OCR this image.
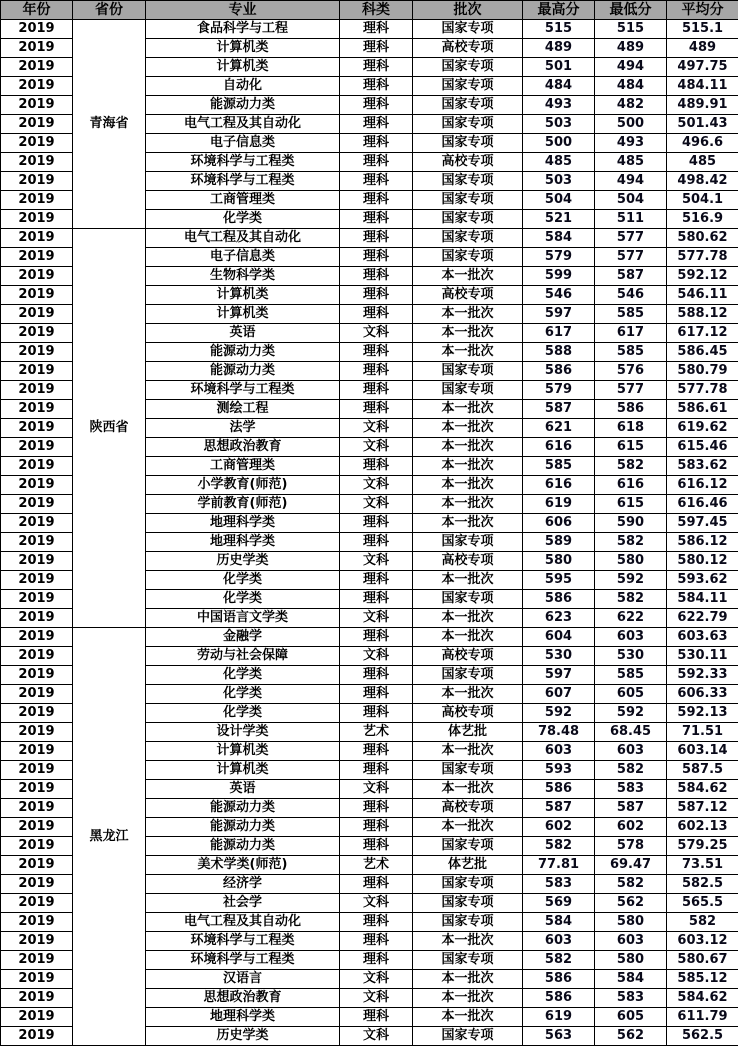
年份	省份	专业	科类	批次	最高分	最低分	平均分
2019	青海省	食品科学与工程	理科	国家专项	515	515	515.1
2019		计算机类	理科	高校专项	489	489	489
2019		计算机类	理科	国家专项	501	494	497.75
2019		自动化	理科	国家专项	484	484	484.11
2019		能源动力类	理科	国家专项	493	482	489.91
2019		电气工程及其自动化	理科	国家专项	503	500	501.43
2019		电子信息类	理科	国家专项	500	493	496.6
2019		环境科学与工程类	理科	高校专项	485	485	485
2019		环境科学与工程类	理科	国家专项	503	494	498.42
2019		工商管理类	理科	国家专项	504	504	504.1
2019		化学类	理科	国家专项	521	511	516.9
2019	陕西省	电气工程及其自动化	理科	国家专项	584	577	580.62
2019		电子信息类	理科	国家专项	579	577	577.78
2019		生物科学类	理科	本一批次	599	587	592.12
2019		计算机类	理科	高校专项	546	546	546.11
2019		计算机类	理科	本一批次	597	585	588.12
2019		英语	文科	本一批次	617	617	617.12
2019		能源动力类	理科	本一批次	588	585	586.45
2019		能源动力类	理科	国家专项	586	576	580.79
2019		环境科学与工程类	理科	国家专项	579	577	577.78
2019		测绘工程	理科	本一批次	587	586	586.61
2019		法学	文科	本一批次	621	618	619.62
2019		思想政治教育	文科	本一批次	616	615	615.46
2019		工商管理类	理科	本一批次	585	582	583.62
2019		小学教育(师范)	文科	本一批次	616	616	616.12
2019		学前教育(师范)	文科	本一批次	619	615	616.46
2019		地理科学类	理科	本一批次	606	590	597.45
2019		地理科学类	理科	国家专项	589	582	586.12
2019		历史学类	文科	高校专项	580	580	580.12
2019		化学类	理科	本一批次	595	592	593.62
2019		化学类	理科	国家专项	586	582	584.11
2019		中国语言文学类	文科	本一批次	623	622	622.79
2019	黑龙江	金融学	理科	本一批次	604	603	603.63
2019		劳动与社会保障	文科	高校专项	530	530	530.11
2019		化学类	理科	国家专项	597	585	592.33
2019		化学类	理科	本一批次	607	605	606.33
2019		化学类	理科	高校专项	592	592	592.13
2019		设计学类	艺术	体艺批	78.48	68.45	71.51
2019		计算机类	理科	本一批次	603	603	603.14
2019		计算机类	理科	国家专项	593	582	587.5
2019		英语	文科	本一批次	586	583	584.62
2019		能源动力类	理科	高校专项	587	587	587.12
2019		能源动力类	理科	本一批次	602	602	602.13
2019		能源动力类	理科	国家专项	582	578	579.25
2019		美术学类(师范)	艺术	体艺批	77.81	69.47	73.51
2019		经济学	理科	国家专项	583	582	582.5
2019		社会学	文科	国家专项	569	562	565.5
2019		电气工程及其自动化	理科	国家专项	584	580	582
2019		环境科学与工程类	理科	本一批次	603	603	603.12
2019		环境科学与工程类	理科	国家专项	582	580	580.67
2019		汉语言	文科	本一批次	586	584	585.12
2019		思想政治教育	文科	本一批次	586	583	584.62
2019		地理科学类	理科	本一批次	619	605	611.79
2019		历史学类	文科	国家专项	563	562	562.5
